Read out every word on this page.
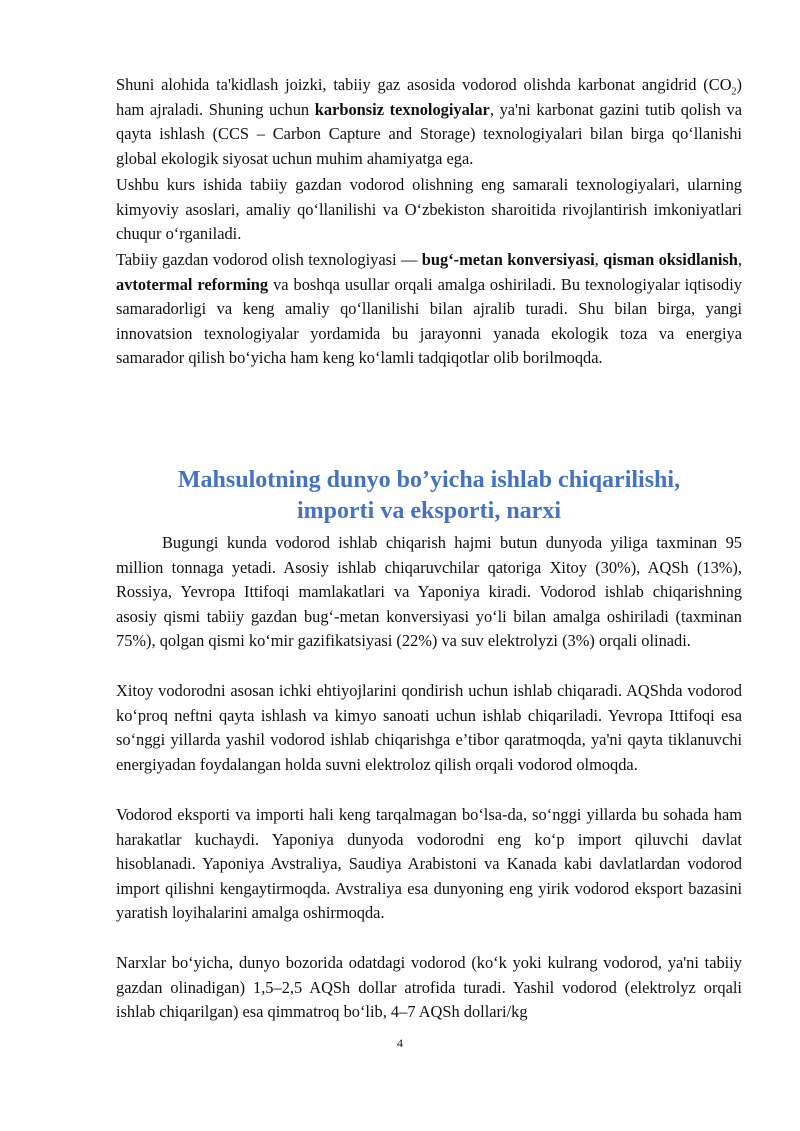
Shuni alohida ta'kidlash joizki, tabiiy gaz asosida vodorod olishda karbonat angidrid $(CO_2)$ ham ajraladi. Shuning uchun karbonsiz texnologiyalar, ya'ni karbonat gazini tutib qolish va qayta ishlash (CCS – Carbon Capture and Storage) texnologiyalari bilan birga qo‘llanishi global ekologik siyosat uchun muhim ahamiyatga ega.

Ushbu kurs ishida tabiiy gazdan vodorod olishning eng samarali texnologiyalari, ularning kimyoviy asoslari, amaliy qo‘llanilishi va O‘zbekiston sharoitida rivojlantirish imkoniyatlari chuqur o‘rganiladi.

Tabiiy gazdan vodorod olish texnologiyasi — bug‘-metan konversiyasi, qisman oksidlanish, avtotermal reforming va boshqa usullar orqali amalga oshiriladi. Bu texnologiyalar iqtisodiy samaradorligi va keng amaliy qo‘llanilishi bilan ajralib turadi. Shu bilan birga, yangi innovatsion texnologiyalar yordamida bu jarayonni yanada ekologik toza va energiya samarador qilish bo‘yicha ham keng ko‘lamli tadqiqotlar olib borilmoqda.

Mahsulotning dunyo bo’yicha ishlab chiqarilishi,
importi va eksporti, narxi

Bugungi kunda vodorod ishlab chiqarish hajmi butun dunyoda yiliga taxminan 95 million tonnaga yetadi. Asosiy ishlab chiqaruvchilar qatoriga Xitoy (30%), AQSh (13%), Rossiya, Yevropa Ittifoqi mamlakatlari va Yaponiya kiradi. Vodorod ishlab chiqarishning asosiy qismi tabiiy gazdan bug‘-metan konversiyasi yo‘li bilan amalga oshiriladi (taxminan 75%), qolgan qismi ko‘mir gazifikatsiyasi (22%) va suv elektrolyzi (3%) orqali olinadi.

Xitoy vodorodni asosan ichki ehtiyojlarini qondirish uchun ishlab chiqaradi. AQShda vodorod ko‘proq neftni qayta ishlash va kimyo sanoati uchun ishlab chiqariladi. Yevropa Ittifoqi esa so‘nggi yillarda yashil vodorod ishlab chiqarishga e’tibor qaratmoqda, ya'ni qayta tiklanuvchi energiyadan foydalangan holda suvni elektroloz qilish orqali vodorod olmoqda.

Vodorod eksporti va importi hali keng tarqalmagan bo‘lsa-da, so‘nggi yillarda bu sohada ham harakatlar kuchaydi. Yaponiya dunyoda vodorodni eng ko‘p import qiluvchi davlat hisoblanadi. Yaponiya Avstraliya, Saudiya Arabistoni va Kanada kabi davlatlardan vodorod import qilishni kengaytirmoqda. Avstraliya esa dunyoning eng yirik vodorod eksport bazasini yaratish loyihalarini amalga oshirmoqda.

Narxlar bo‘yicha, dunyo bozorida odatdagi vodorod (ko‘k yoki kulrang vodorod, ya'ni tabiiy gazdan olinadigan) 1,5–2,5 AQSh dollar atrofida turadi. Yashil vodorod (elektrolyz orqali ishlab chiqarilgan) esa qimmatroq bo‘lib, 4–7 AQSh dollari/kg

4
